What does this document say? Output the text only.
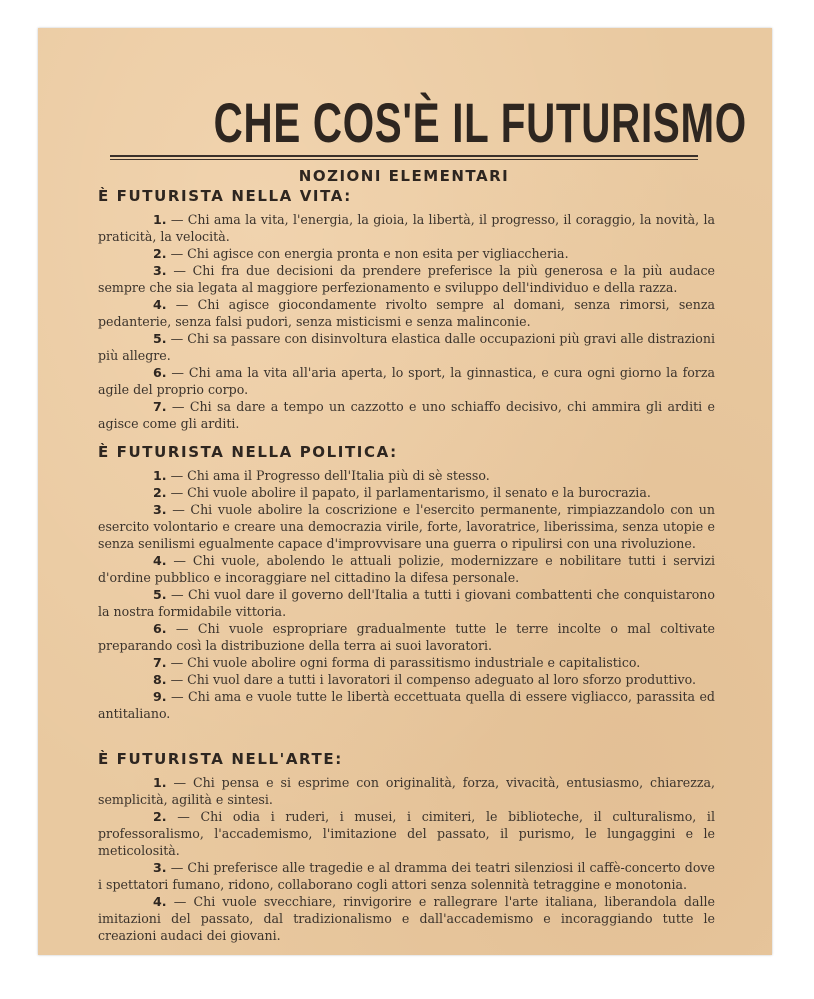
CHE COS'È IL FUTURISMO
NOZIONI ELEMENTARI
È FUTURISTA NELLA VITA:

1. — Chi ama la vita, l'energia, la gioia, la libertà, il progresso, il coraggio, la novità, la praticità, la velocità.

2. — Chi agisce con energia pronta e non esita per vigliaccheria.

3. — Chi fra due decisioni da prendere preferisce la più generosa e la più audace sempre che sia legata al maggiore perfezionamento e sviluppo dell'individuo e della razza.

4. — Chi agisce giocondamente rivolto sempre al domani, senza rimorsi, senza pedanterie, senza falsi pudori, senza misticismi e senza malinconie.

5. — Chi sa passare con disinvoltura elastica dalle occupazioni più gravi alle distrazioni più allegre.

6. — Chi ama la vita all'aria aperta, lo sport, la ginnastica, e cura ogni giorno la forza agile del proprio corpo.

7. — Chi sa dare a tempo un cazzotto e uno schiaffo decisivo, chi ammira gli arditi e agisce come gli arditi.

È FUTURISTA NELLA POLITICA:

1. — Chi ama il Progresso dell'Italia più di sè stesso.

2. — Chi vuole abolire il papato, il parlamentarismo, il senato e la burocrazia.

3. — Chi vuole abolire la coscrizione e l'esercito permanente, rimpiazzandolo con un esercito volontario e creare una democrazia virile, forte, lavoratrice, liberissima, senza utopie e senza senilismi egualmente capace d'improvvisare una guerra o ripulirsi con una rivoluzione.

4. — Chi vuole, abolendo le attuali polizie, modernizzare e nobilitare tutti i servizi d'ordine pubblico e incoraggiare nel cittadino la difesa personale.

5. — Chi vuol dare il governo dell'Italia a tutti i giovani combattenti che conquistarono la nostra formidabile vittoria.

6. — Chi vuole espropriare gradualmente tutte le terre incolte o mal coltivate preparando così la distribuzione della terra ai suoi lavoratori.

7. — Chi vuole abolire ogni forma di parassitismo industriale e capitalistico.

8. — Chi vuol dare a tutti i lavoratori il compenso adeguato al loro sforzo produttivo.

9. — Chi ama e vuole tutte le libertà eccettuata quella di essere vigliacco, parassita ed antitaliano.

È FUTURISTA NELL'ARTE:

1. — Chi pensa e si esprime con originalità, forza, vivacità, entusiasmo, chiarezza, semplicità, agilità e sintesi.

2. — Chi odia i ruderi, i musei, i cimiteri, le biblioteche, il culturalismo, il professoralismo, l'accademismo, l'imitazione del passato, il purismo, le lungaggini e le meticolosità.

3. — Chi preferisce alle tragedie e al dramma dei teatri silenziosi il caffè-concerto dove i spettatori fumano, ridono, collaborano cogli attori senza solennità tetraggine e monotonia.

4. — Chi vuole svecchiare, rinvigorire e rallegrare l'arte italiana, liberandola dalle imitazioni del passato, dal tradizionalismo e dall'accademismo e incoraggiando tutte le creazioni audaci dei giovani.
